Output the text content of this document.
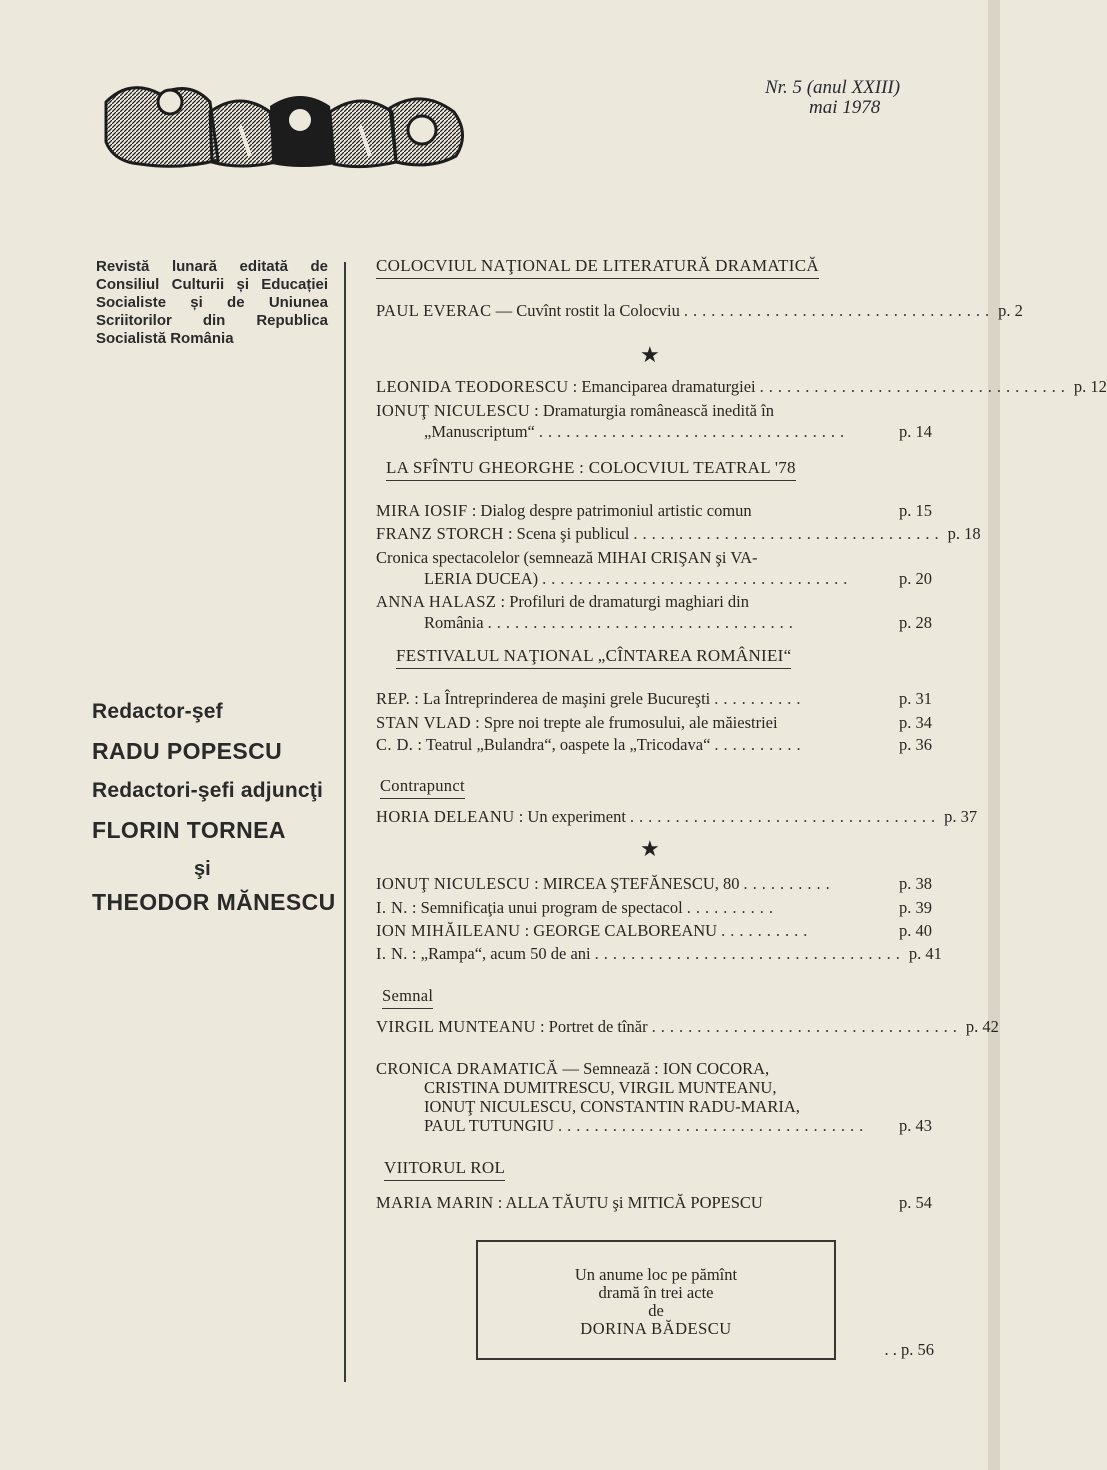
Nr. 5 (anul XXIII)
mai 1978

Revistă lunară editată de Consiliul Culturii și Educației Socialiste și de Uniunea Scriitorilor din Republica Socialistă România

Redactor-şef
RADU POPESCU
Redactori-şefi adjuncţi
FLORIN TORNEA
şi
THEODOR MĂNESCU
COLOCVIUL NAŢIONAL DE LITERATURĂ DRAMATICĂ
PAUL EVERAC — Cuvînt rostit la Colocviu .................................. p. 2
★
LEONIDA TEODORESCU : Emanciparea dramaturgiei .................................. p. 12
IONUŢ NICULESCU : Dramaturgia românească inedită în
„Manuscriptum“ ..................................	p. 14
LA SFÎNTU GHEORGHE : COLOCVIUL TEATRAL '78
MIRA IOSIF : Dialog despre patrimoniul artistic comun	p. 15
FRANZ STORCH : Scena şi publicul .................................. p. 18
Cronica spectacolelor (semnează MIHAI CRIŞAN şi VA-
LERIA DUCEA) ..................................	p. 20
ANNA HALASZ : Profiluri de dramaturgi maghiari din
România ..................................	p. 28
FESTIVALUL NAŢIONAL „CÎNTAREA ROMÂNIEI“
REP. : La Întreprinderea de maşini grele Bucureşti ..........	p. 31
STAN VLAD : Spre noi trepte ale frumosului, ale măiestriei	p. 34
C. D. : Teatrul „Bulandra“, oaspete la „Tricodava“ ..........	p. 36
Contrapunct
HORIA DELEANU : Un experiment .................................. p. 37
★
IONUŢ NICULESCU : MIRCEA ŞTEFĂNESCU, 80 ..........	p. 38
I. N. : Semnificaţia unui program de spectacol ..........	p. 39
ION MIHĂILEANU : GEORGE CALBOREANU ..........	p. 40
I. N. : „Rampa“, acum 50 de ani .................................. p. 41
Semnal
VIRGIL MUNTEANU : Portret de tînăr .................................. p. 42
CRONICA DRAMATICĂ — Semnează : ION COCORA,
CRISTINA DUMITRESCU, VIRGIL MUNTEANU,
IONUŢ NICULESCU, CONSTANTIN RADU-MARIA,
PAUL TUTUNGIU ..................................	p. 43
VIITORUL ROL
MARIA MARIN : ALLA TĂUTU şi MITICĂ POPESCU	p. 54
Un anume loc pe pămînt
dramă în trei acte
de
DORINA BĂDESCU
. . p. 56
